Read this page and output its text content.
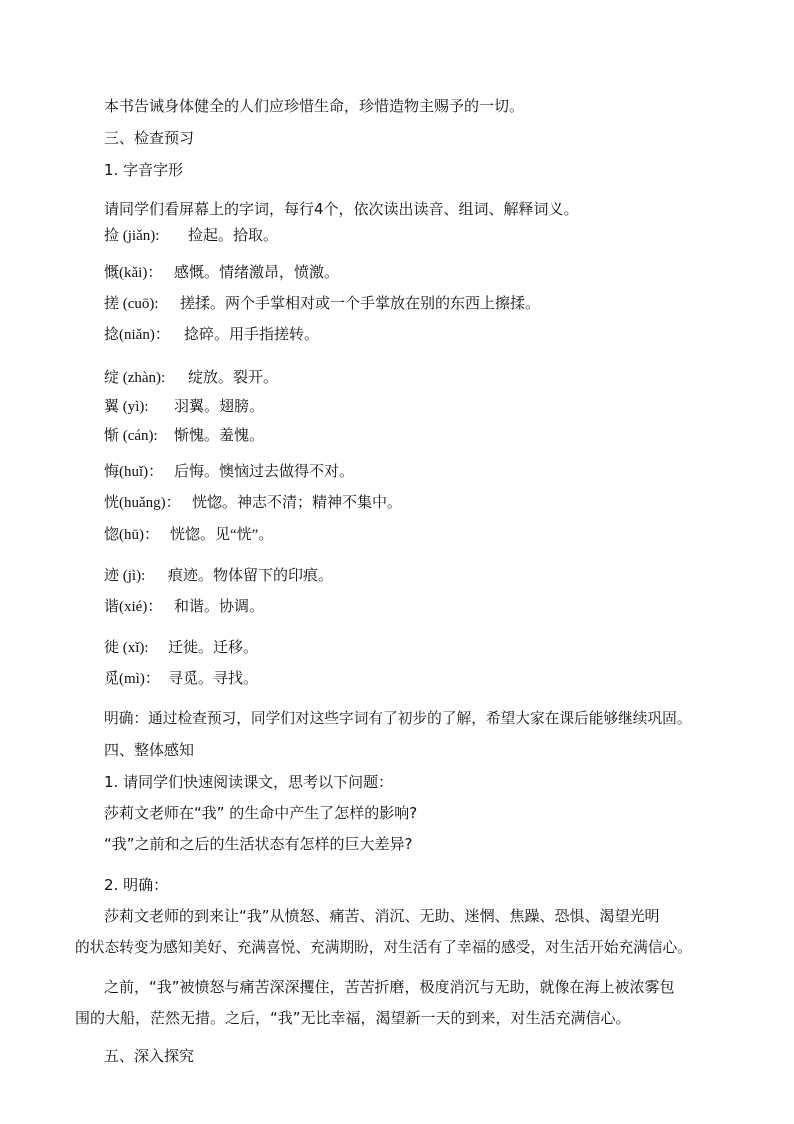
本书告诫身体健全的人们应珍惜生命，珍惜造物主赐予的一切。
三、检查预习
1. 字音字形
请同学们看屏幕上的字词，每行4个，依次读出读音、组词、解释词义。
捡 (jiǎn): 捡起。拾取。
慨(kǎi)： 感慨。情绪激昂，愤激。
搓 (cuō): 搓揉。两个手掌相对或一个手掌放在别的东西上擦揉。
捻(niǎn)： 捻碎。用手指搓转。
绽 (zhàn): 绽放。裂开。
翼 (yì): 羽翼。翅膀。
惭 (cán): 惭愧。羞愧。
悔(huǐ)： 后悔。懊恼过去做得不对。
恍(huǎng)： 恍惚。神志不清；精神不集中。
惚(hū)： 恍惚。见“恍”。
迹 (jì): 痕迹。物体留下的印痕。
谐(xié)： 和谐。协调。
徙 (xǐ): 迁徙。迁移。
觅(mì)： 寻觅。寻找。
明确：通过检查预习，同学们对这些字词有了初步的了解，希望大家在课后能够继续巩固。
四、整体感知
1. 请同学们快速阅读课文，思考以下问题：
莎莉文老师在“我” 的生命中产生了怎样的影响?
“我”之前和之后的生活状态有怎样的巨大差异?
2. 明确：
莎莉文老师的到来让“我”从愤怒、痛苦、消沉、无助、迷惘、焦躁、恐惧、渴望光明
的状态转变为感知美好、充满喜悦、充满期盼，对生活有了幸福的感受，对生活开始充满信心。
之前，“我”被愤怒与痛苦深深攫住，苦苦折磨，极度消沉与无助，就像在海上被浓雾包
围的大船，茫然无措。之后，“我”无比幸福，渴望新一天的到来，对生活充满信心。
五、深入探究
